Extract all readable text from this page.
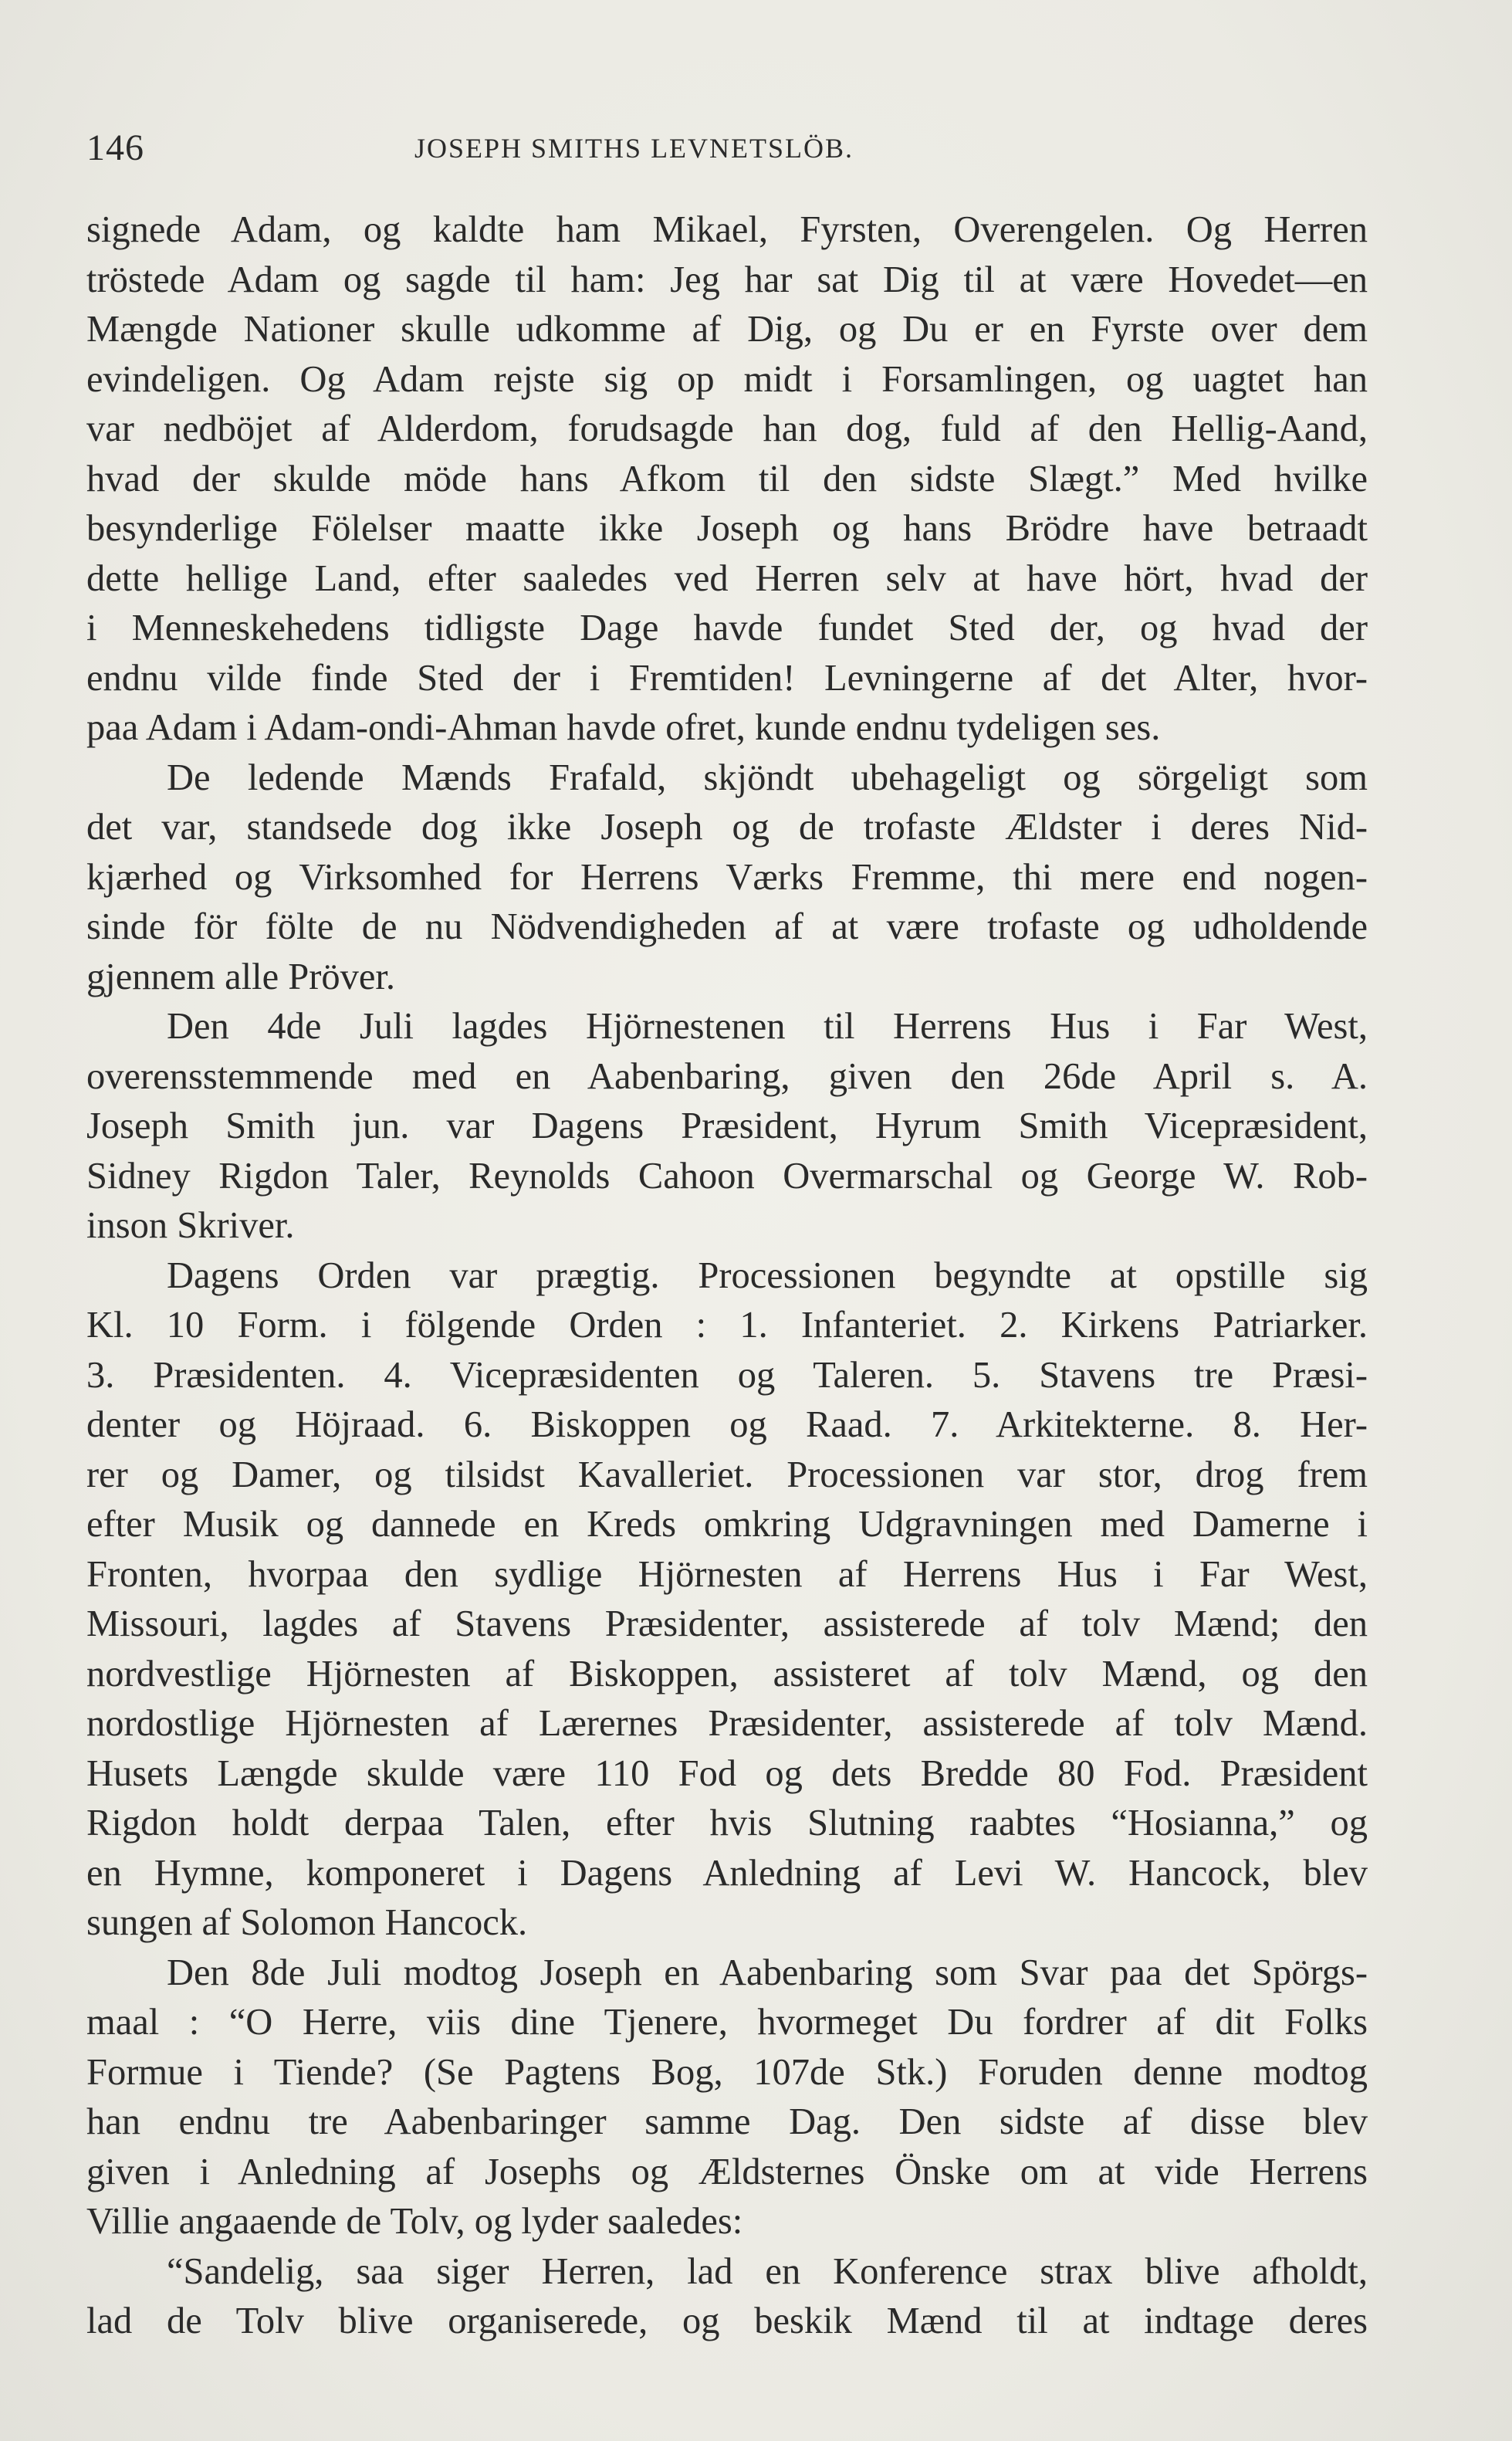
146	JOSEPH SMITHS LEVNETSLÖB.
signede Adam, og kaldte ham Mikael, Fyrsten, Overengelen. Og Herren
tröstede Adam og sagde til ham: Jeg har sat Dig til at være Hovedet—en
Mængde Nationer skulle udkomme af Dig, og Du er en Fyrste over dem
evindeligen. Og Adam rejste sig op midt i Forsamlingen, og uagtet han
var nedböjet af Alderdom, forudsagde han dog, fuld af den Hellig-Aand,
hvad der skulde möde hans Afkom til den sidste Slægt.” Med hvilke
besynderlige Fölelser maatte ikke Joseph og hans Brödre have betraadt
dette hellige Land, efter saaledes ved Herren selv at have hört, hvad der
i Menneskehedens tidligste Dage havde fundet Sted der, og hvad der
endnu vilde finde Sted der i Fremtiden! Levningerne af det Alter, hvor-
paa Adam i Adam-ondi-Ahman havde ofret, kunde endnu tydeligen ses.
De ledende Mænds Frafald, skjöndt ubehageligt og sörgeligt som
det var, standsede dog ikke Joseph og de trofaste Ældster i deres Nid-
kjærhed og Virksomhed for Herrens Værks Fremme, thi mere end nogen-
sinde för fölte de nu Nödvendigheden af at være trofaste og udholdende
gjennem alle Pröver.
Den 4de Juli lagdes Hjörnestenen til Herrens Hus i Far West,
overensstemmende med en Aabenbaring, given den 26de April s. A.
Joseph Smith jun. var Dagens Præsident, Hyrum Smith Vicepræsident,
Sidney Rigdon Taler, Reynolds Cahoon Overmarschal og George W. Rob-
inson Skriver.
Dagens Orden var prægtig. Processionen begyndte at opstille sig
Kl. 10 Form. i fölgende Orden : 1. Infanteriet. 2. Kirkens Patriarker.
3. Præsidenten. 4. Vicepræsidenten og Taleren. 5. Stavens tre Præsi-
denter og Höjraad. 6. Biskoppen og Raad. 7. Arkitekterne. 8. Her-
rer og Damer, og tilsidst Kavalleriet. Processionen var stor, drog frem
efter Musik og dannede en Kreds omkring Udgravningen med Damerne i
Fronten, hvorpaa den sydlige Hjörnesten af Herrens Hus i Far West,
Missouri, lagdes af Stavens Præsidenter, assisterede af tolv Mænd; den
nordvestlige Hjörnesten af Biskoppen, assisteret af tolv Mænd, og den
nordostlige Hjörnesten af Lærernes Præsidenter, assisterede af tolv Mænd.
Husets Længde skulde være 110 Fod og dets Bredde 80 Fod. Præsident
Rigdon holdt derpaa Talen, efter hvis Slutning raabtes “Hosianna,” og
en Hymne, komponeret i Dagens Anledning af Levi W. Hancock, blev
sungen af Solomon Hancock.
Den 8de Juli modtog Joseph en Aabenbaring som Svar paa det Spörgs-
maal : “O Herre, viis dine Tjenere, hvormeget Du fordrer af dit Folks
Formue i Tiende? (Se Pagtens Bog, 107de Stk.) Foruden denne modtog
han endnu tre Aabenbaringer samme Dag. Den sidste af disse blev
given i Anledning af Josephs og Ældsternes Önske om at vide Herrens
Villie angaaende de Tolv, og lyder saaledes:
“Sandelig, saa siger Herren, lad en Konference strax blive afholdt,
lad de Tolv blive organiserede, og beskik Mænd til at indtage deres
